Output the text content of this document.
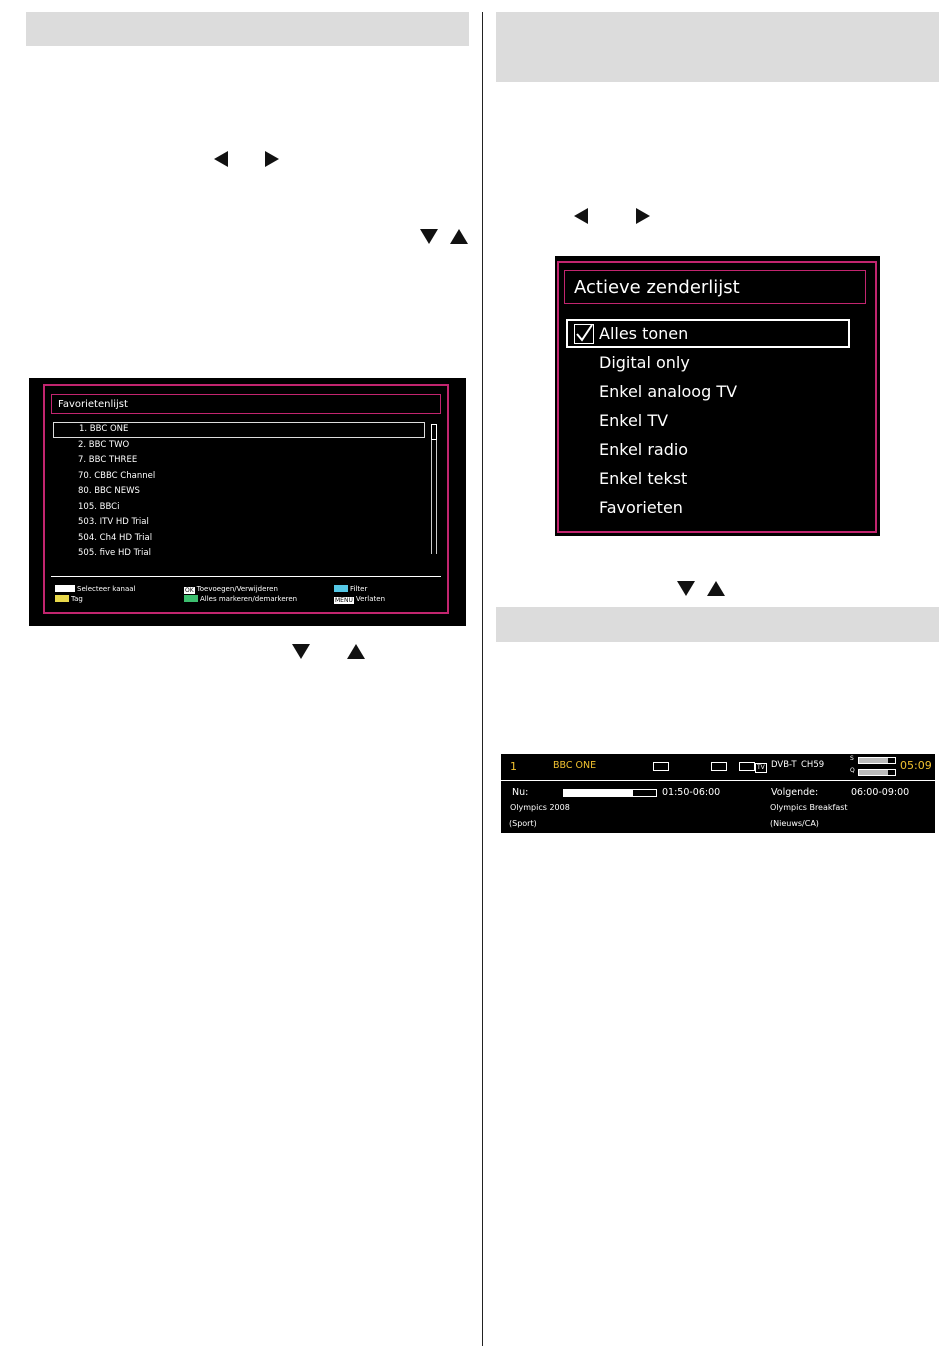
Favorietenlijst
1. BBC ONE
2. BBC TWO
7. BBC THREE
70. CBBC Channel
80. BBC NEWS
105. BBCi
503. ITV HD Trial
504. Ch4 HD Trial
505. five HD Trial
Selecteer kanaal
Tag
OK Toevoegen/Verwijderen
Alles markeren/demarkeren
Filter
MENU Verlaten
Actieve zenderlijst
Alles tonen
Digital only
Enkel analoog TV
Enkel TV
Enkel radio
Enkel tekst
Favorieten
1	BBC ONE	TV DVB-T CH59
S
Q	05:09
Nu:	01:50-06:00
Olympics 2008
(Sport)
Volgende:	06:00-09:00
Olympics Breakfast
(Nieuws/CA)
